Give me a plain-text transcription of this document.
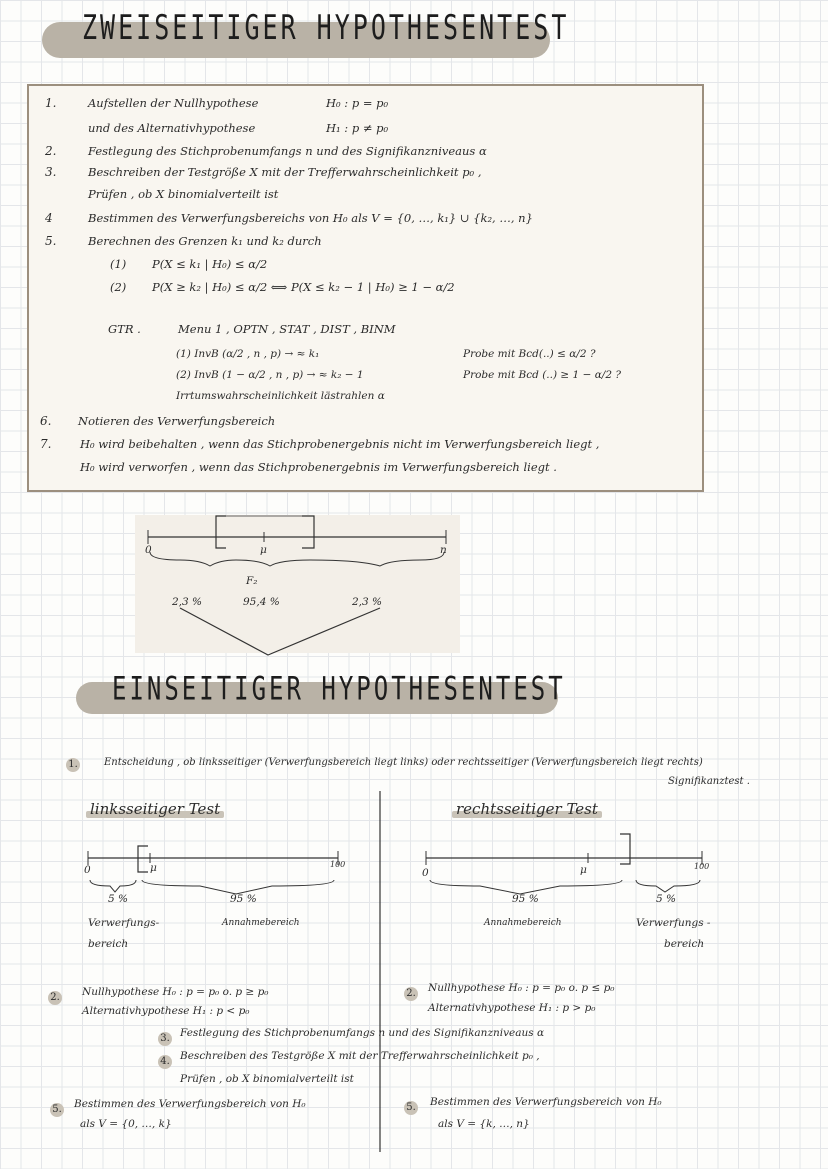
ZWEISEITIGER HYPOTHESENTEST
1.	Aufstellen der Nullhypothese	H₀ : p = p₀
und des Alternativhypothese	H₁ : p ≠ p₀
2.	Festlegung des Stichprobenumfangs n und des Signifikanzniveaus α
3.	Beschreiben der Testgröße X mit der Trefferwahrscheinlichkeit p₀ ,
Prüfen , ob X binomialverteilt ist
4	Bestimmen des Verwerfungsbereichs von H₀ als V = {0, …, k₁} ∪ {k₂, …, n}
5.	Berechnen des Grenzen k₁ und k₂ durch
(1) P(X ≤ k₁ | H₀) ≤ α/2
(2) P(X ≥ k₂ | H₀) ≤ α/2 ⟺ P(X ≤ k₂ − 1 | H₀) ≥ 1 − α/2
GTR .	Menu 1 , OPTN , STAT , DIST , BINM
(1) InvB (α/2 , n , p) → ≈ k₁	Probe mit Bcd(..) ≤ α/2 ?
(2) InvB (1 − α/2 , n , p) → ≈ k₂ − 1	Probe mit Bcd (..) ≥ 1 − α/2 ?
Irrtumswahrscheinlichkeit lästrahlen α
6. Notieren des Verwerfungsbereich
7. H₀ wird beibehalten , wenn das Stichprobenergebnis nicht im Verwerfungsbereich liegt ,
H₀ wird verworfen , wenn das Stichprobenergebnis im Verwerfungsbereich liegt .
0	n
μ
F₂
2,3 %	95,4 %	2,3 %
EINSEITIGER HYPOTHESENTEST
1.	Entscheidung , ob linksseitiger (Verwerfungsbereich liegt links) oder rechtsseitiger (Verwerfungsbereich liegt rechts)
Signifikanztest .
linksseitiger Test	rechtsseitiger Test
0	μ	100
5 %	95 %
Verwerfungs-
bereich
Annahmebereich
0	μ	100
95 %	5 %
Annahmebereich	Verwerfungs -
bereich
2.	Nullhypothese H₀ : p = p₀ o. p ≥ p₀
Alternativhypothese H₁ : p < p₀
2.	Nullhypothese H₀ : p = p₀ o. p ≤ p₀
Alternativhypothese H₁ : p > p₀
3. Festlegung des Stichprobenumfangs n und des Signifikanzniveaus α
4. Beschreiben des Testgröße X mit der Trefferwahrscheinlichkeit p₀ ,
Prüfen , ob X binomialverteilt ist
5.	Bestimmen des Verwerfungsbereich von H₀
als V = {0, …, k}
5.	Bestimmen des Verwerfungsbereich von H₀
als V = {k, …, n}
